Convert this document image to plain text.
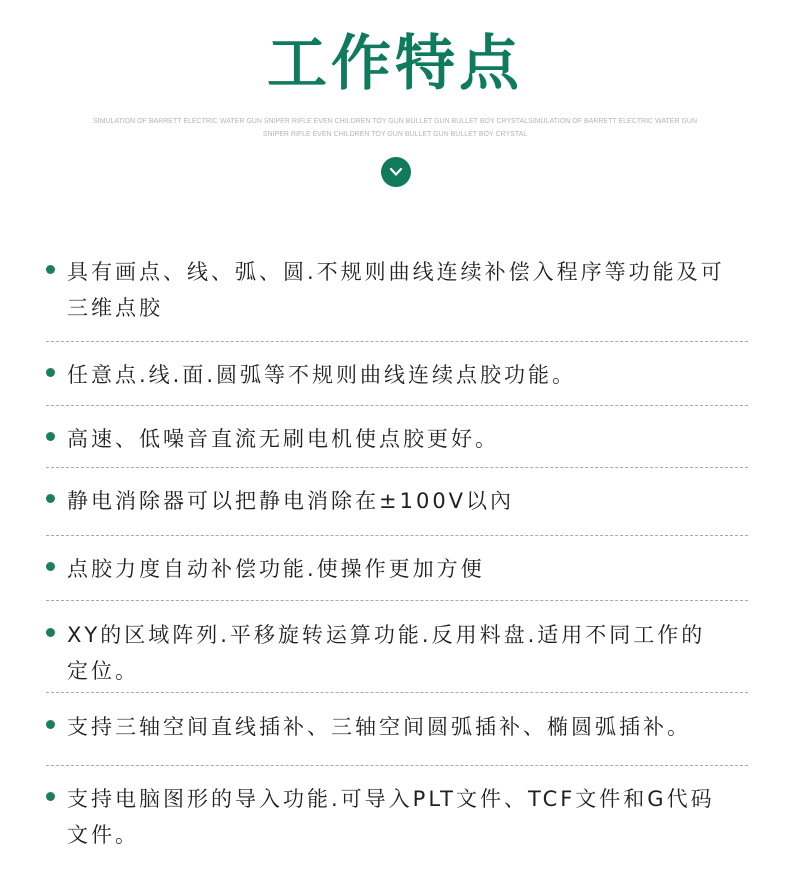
工作特点
SIMULATION OF BARRETT ELECTRIC WATER GUN SNIPER RIFLE EVEN CHILDREN TOY GUN BULLET GUN BULLET BOY CRYSTALSIMULATION OF BARRETT ELECTRIC WATER GUN SNIPER RIFLE EVEN CHILDREN TOY GUN BULLET GUN BULLET BOY CRYSTAL
具有画点、线、弧、圆.不规则曲线连续补偿入程序等功能及可三维点胶
任意点.线.面.圆弧等不规则曲线连续点胶功能。
高速、低噪音直流无刷电机使点胶更好。
静电消除器可以把静电消除在±100V以內
点胶力度自动补偿功能.使操作更加方便
XY的区域阵列.平移旋转运算功能.反用料盘.适用不同工作的定位。
支持三轴空间直线插补、三轴空间圆弧插补、椭圆弧插补。
支持电脑图形的导入功能.可导入PLT文件、TCF文件和G代码文件。
